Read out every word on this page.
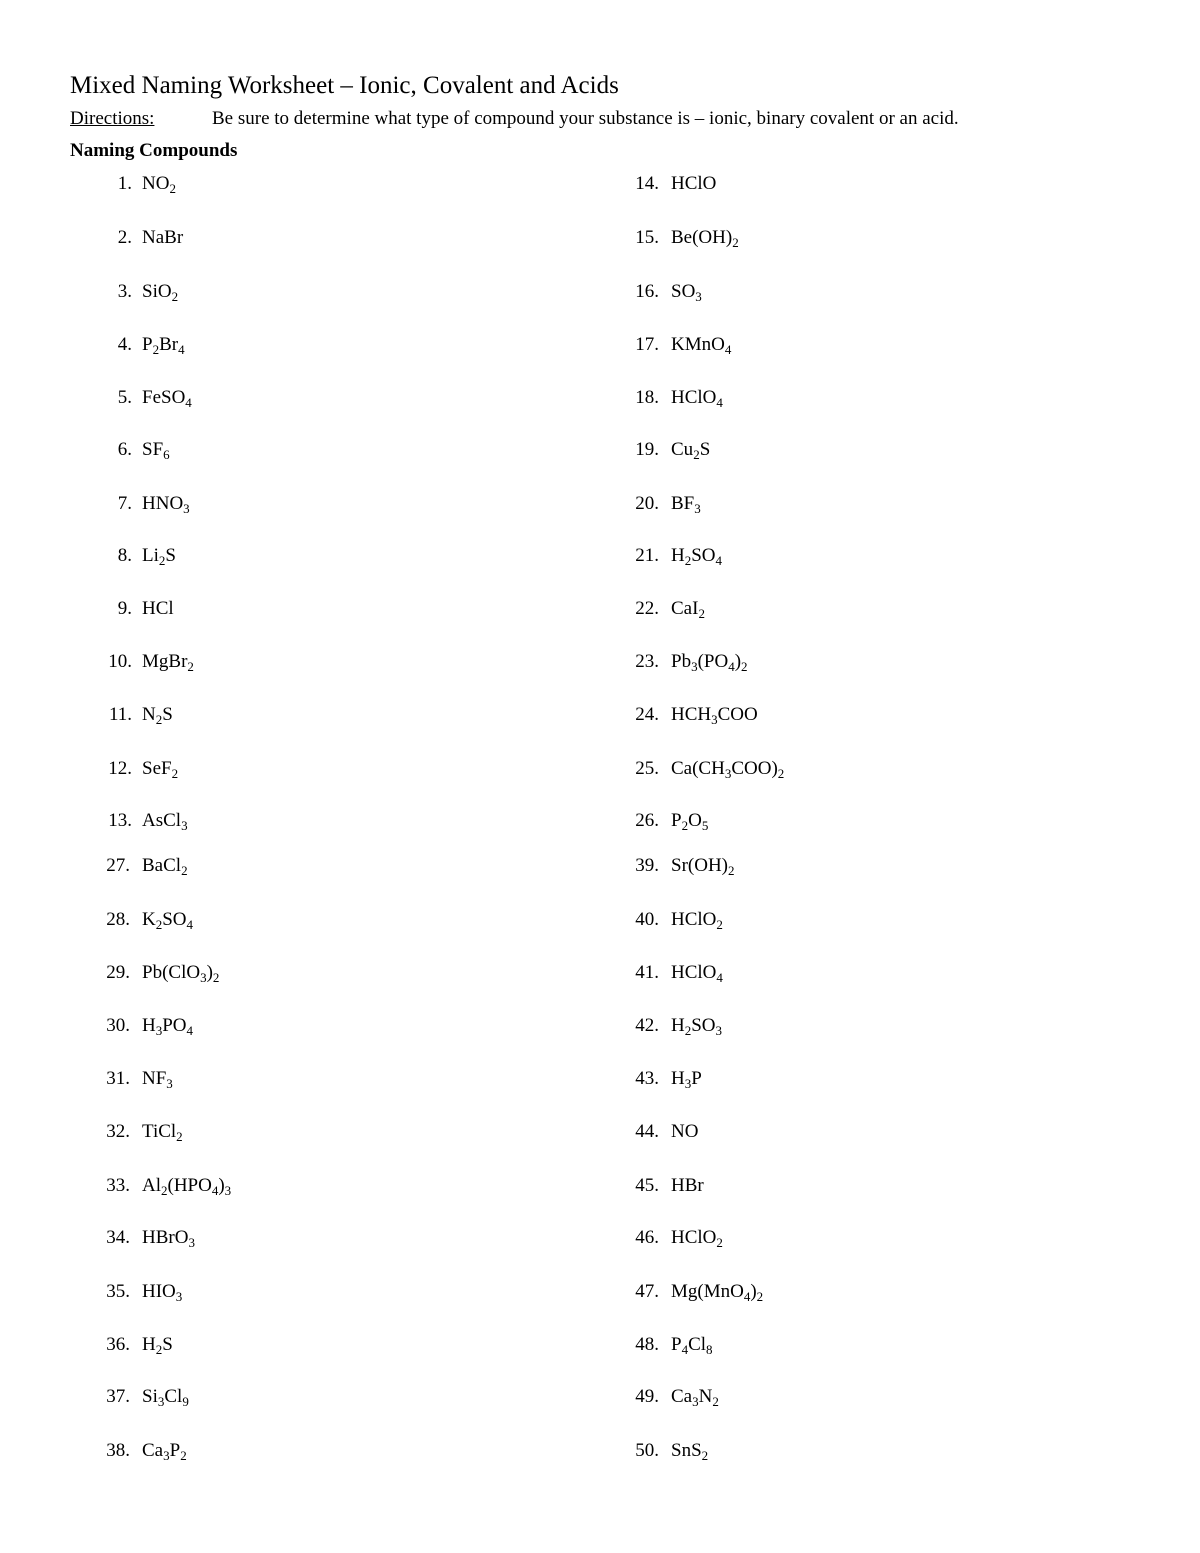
Mixed Naming Worksheet – Ionic, Covalent and Acids
Directions:	Be sure to determine what type of compound your substance is – ionic, binary covalent or an acid.
Naming Compounds
1. $NO_2$
2. NaBr
3. SiO$_2$
4. $P_2Br_4$
5. FeSO$_4$
6. $SF_6$
7. $HNO_3$
8. $Li_2S$
9. HCl
10. MgBr$_2$
11. $N_2S$
12. SeF$_2$
13. AsCl$_3$
14. HClO
15. $Be(OH)_2$
16. $SO_3$
17. KMnO$_4$
18. HClO$_4$
19. $Cu_2S$
20. $BF_3$
21. $H_2SO_4$
22. CaI$_2$
23. $Pb_3(PO_4)_2$
24. $HCH_3COO$
25. $Ca(CH_3COO)_2$
26. $P_2O_5$
27. BaCl$_2$
28. $K_2SO_4$
29. $Pb(ClO_3)_2$
30. $H_3PO_4$
31. $NF_3$
32. TiCl$_2$
33. $Al_2(HPO_4)_3$
34. HBrO$_3$
35. $HIO_3$
36. $H_2S$
37. $Si_3Cl_9$
38. $Ca_3P_2$
39. $Sr(OH)_2$
40. HClO$_2$
41. HClO$_4$
42. $H_2SO_3$
43. $H_3P$
44. NO
45. HBr
46. HClO$_2$
47. $Mg(MnO_4)_2$
48. $P_4Cl_8$
49. $Ca_3N_2$
50. SnS$_2$
